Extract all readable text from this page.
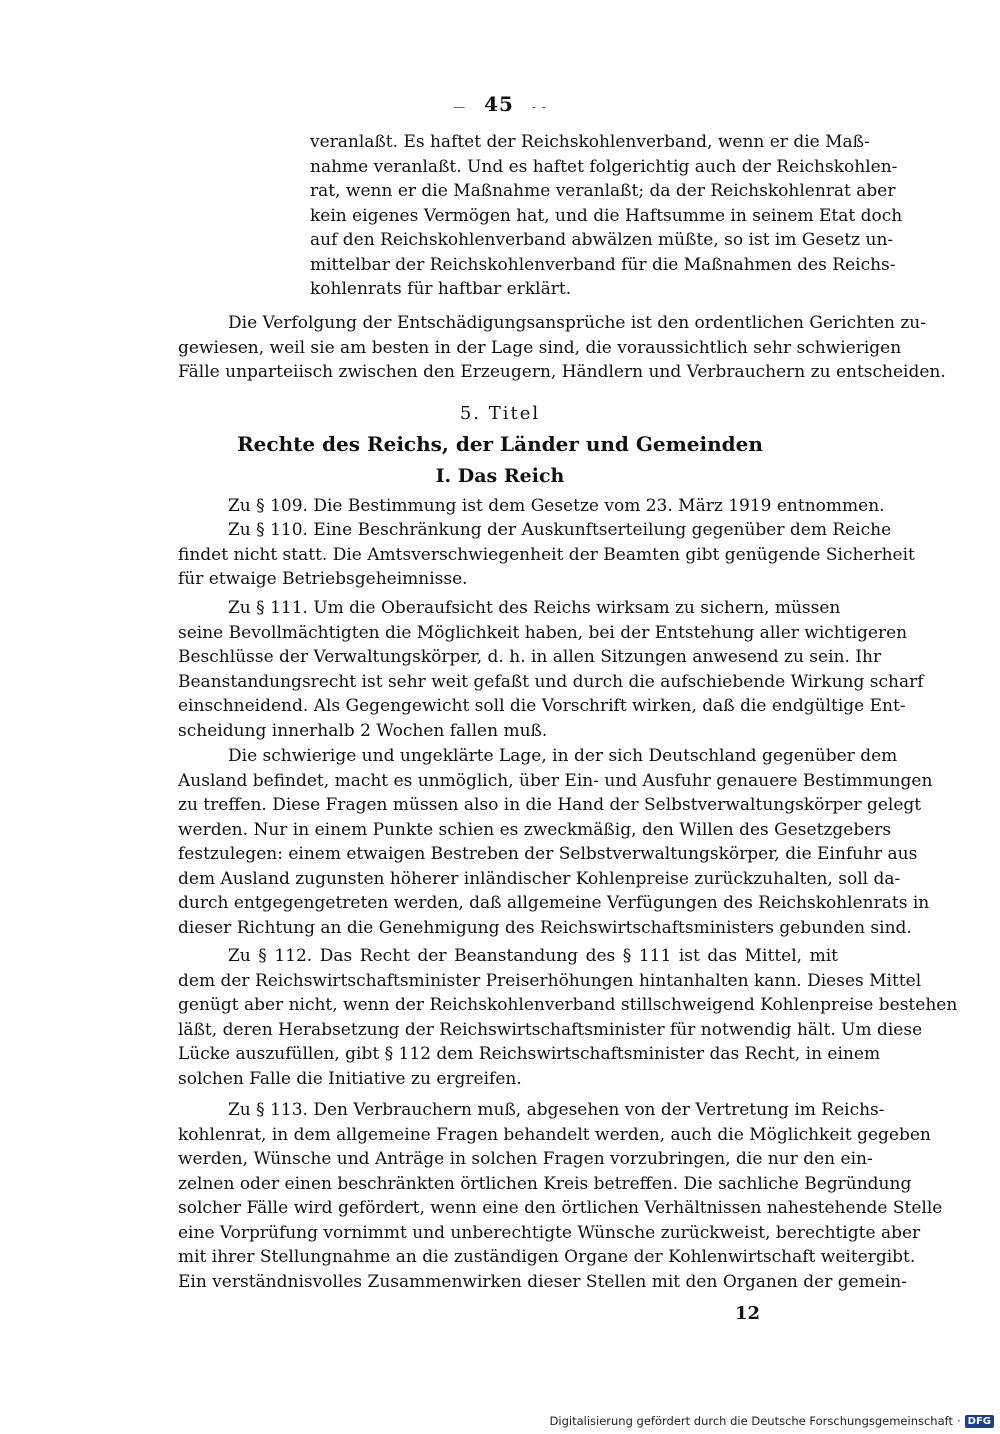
— 45 - -
veranlaßt. Es haftet der Reichskohlenverband, wenn er die Maß-
nahme veranlaßt. Und es haftet folgerichtig auch der Reichskohlen-
rat, wenn er die Maßnahme veranlaßt; da der Reichskohlenrat aber
kein eigenes Vermögen hat, und die Haftsumme in seinem Etat doch
auf den Reichskohlenverband abwälzen müßte, so ist im Gesetz un-
mittelbar der Reichskohlenverband für die Maßnahmen des Reichs-
kohlenrats für haftbar erklärt.
Die Verfolgung der Entschädigungsansprüche ist den ordentlichen Gerichten zu-
gewiesen, weil sie am besten in der Lage sind, die voraussichtlich sehr schwierigen
Fälle unparteiisch zwischen den Erzeugern, Händlern und Verbrauchern zu entscheiden.
5. Titel
Rechte des Reichs, der Länder und Gemeinden
I. Das Reich
Zu § 109. Die Bestimmung ist dem Gesetze vom 23. März 1919 entnommen.
Zu § 110. Eine Beschränkung der Auskunftserteilung gegenüber dem Reiche
findet nicht statt. Die Amtsverschwiegenheit der Beamten gibt genügende Sicherheit
für etwaige Betriebsgeheimnisse.
Zu § 111. Um die Oberaufsicht des Reichs wirksam zu sichern, müssen
seine Bevollmächtigten die Möglichkeit haben, bei der Entstehung aller wichtigeren
Beschlüsse der Verwaltungskörper, d. h. in allen Sitzungen anwesend zu sein. Ihr
Beanstandungsrecht ist sehr weit gefaßt und durch die aufschiebende Wirkung scharf
einschneidend. Als Gegengewicht soll die Vorschrift wirken, daß die endgültige Ent-
scheidung innerhalb 2 Wochen fallen muß.
Die schwierige und ungeklärte Lage, in der sich Deutschland gegenüber dem
Ausland befindet, macht es unmöglich, über Ein- und Ausfuhr genauere Bestimmungen
zu treffen. Diese Fragen müssen also in die Hand der Selbstverwaltungskörper gelegt
werden. Nur in einem Punkte schien es zweckmäßig, den Willen des Gesetzgebers
festzulegen: einem etwaigen Bestreben der Selbstverwaltungskörper, die Einfuhr aus
dem Ausland zugunsten höherer inländischer Kohlenpreise zurückzuhalten, soll da-
durch entgegengetreten werden, daß allgemeine Verfügungen des Reichskohlenrats in
dieser Richtung an die Genehmigung des Reichswirtschaftsministers gebunden sind.
Zu § 112. Das Recht der Beanstandung des § 111 ist das Mittel, mit
dem der Reichswirtschaftsminister Preiserhöhungen hintanhalten kann. Dieses Mittel
genügt aber nicht, wenn der Reichskohlenverband stillschweigend Kohlenpreise bestehen
läßt, deren Herabsetzung der Reichswirtschaftsminister für notwendig hält. Um diese
Lücke auszufüllen, gibt § 112 dem Reichswirtschaftsminister das Recht, in einem
solchen Falle die Initiative zu ergreifen.
Zu § 113. Den Verbrauchern muß, abgesehen von der Vertretung im Reichs-
kohlenrat, in dem allgemeine Fragen behandelt werden, auch die Möglichkeit gegeben
werden, Wünsche und Anträge in solchen Fragen vorzubringen, die nur den ein-
zelnen oder einen beschränkten örtlichen Kreis betreffen. Die sachliche Begründung
solcher Fälle wird gefördert, wenn eine den örtlichen Verhältnissen nahestehende Stelle
eine Vorprüfung vornimmt und unberechtigte Wünsche zurückweist, berechtigte aber
mit ihrer Stellungnahme an die zuständigen Organe der Kohlenwirtschaft weitergibt.
Ein verständnisvolles Zusammenwirken dieser Stellen mit den Organen der gemein-
12
Digitalisierung gefördert durch die Deutsche Forschungsgemeinschaft · DFG
